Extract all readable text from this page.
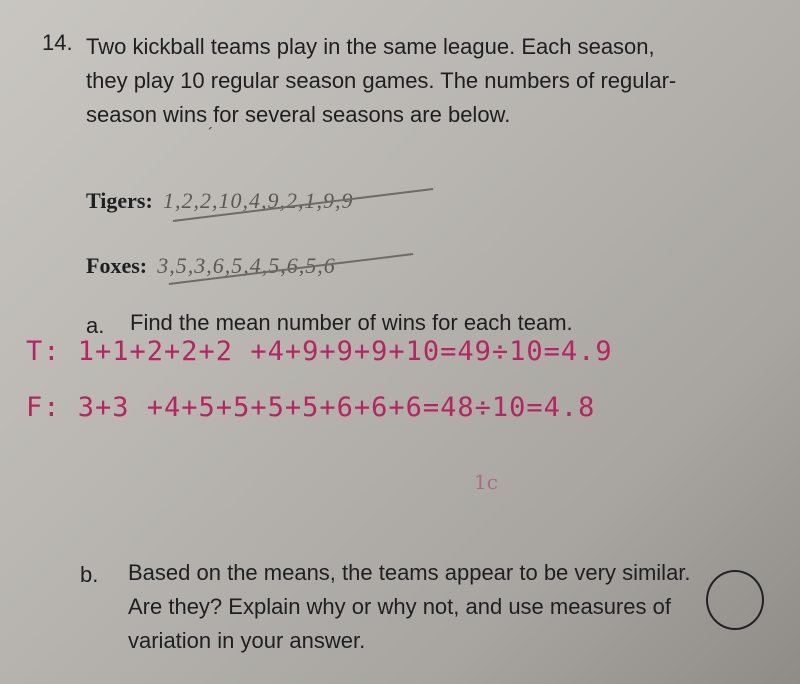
14. Two kickball teams play in the same league. Each season, they play 10 regular season games. The numbers of regular-season wins for several seasons are below.
´
Tigers: 1,2,2,10,4,9,2,1,9,9
Foxes: 3,5,3,6,5,4,5,6,5,6
a. Find the mean number of wins for each team.
T: 1+1+2+2+2 +4+9+9+9+10=49÷10=4.9
F: 3+3 +4+5+5+5+5+6+6+6=48÷10=4.8
1c
b. Based on the means, the teams appear to be very similar. Are they? Explain why or why not, and use measures of variation in your answer.
